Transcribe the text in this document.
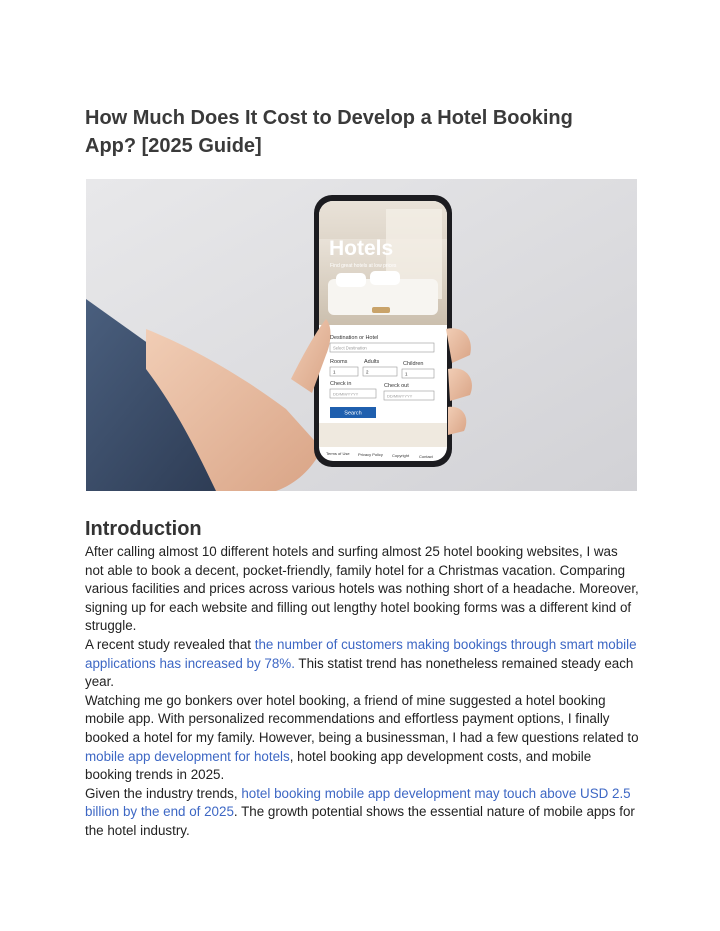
How Much Does It Cost to Develop a Hotel Booking
App? [2025 Guide]
Hotels
Find great hotels at low prices
Destination or Hotel
Select Destination
Rooms	Adults	Children
1	2	1
Check in	Check out
DD/MM/YYYY	DD/MM/YYYY
Search
Terms of Use Privacy Policy Copyright Contact
Introduction

After calling almost 10 different hotels and surfing almost 25 hotel booking websites, I was not able to book a decent, pocket-friendly, family hotel for a Christmas vacation. Comparing various facilities and prices across various hotels was nothing short of a headache. Moreover, signing up for each website and filling out lengthy hotel booking forms was a different kind of struggle.

A recent study revealed that the number of customers making bookings through smart mobile applications has increased by 78%. This statist trend has nonetheless remained steady each year.

Watching me go bonkers over hotel booking, a friend of mine suggested a hotel booking mobile app. With personalized recommendations and effortless payment options, I finally booked a hotel for my family. However, being a businessman, I had a few questions related to mobile app development for hotels, hotel booking app development costs, and mobile booking trends in 2025.

Given the industry trends, hotel booking mobile app development may touch above USD 2.5 billion by the end of 2025. The growth potential shows the essential nature of mobile apps for the hotel industry.
